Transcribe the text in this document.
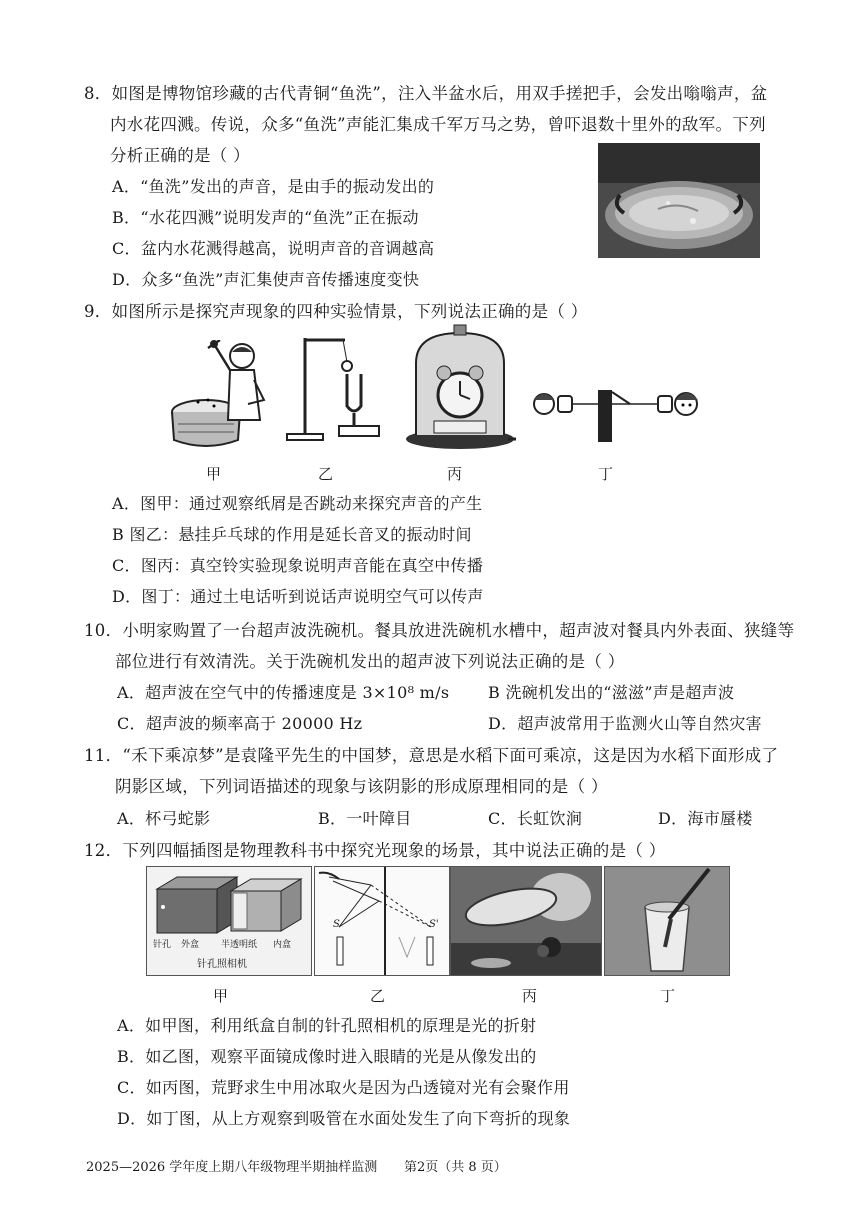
8．如图是博物馆珍藏的古代青铜“鱼洗”，注入半盆水后，用双手搓把手，会发出嗡嗡声，盆
内水花四溅。传说，众多“鱼洗”声能汇集成千军万马之势，曾吓退数十里外的敌军。下列
分析正确的是（ ）
A．“鱼洗”发出的声音，是由手的振动发出的
B．“水花四溅”说明发声的“鱼洗”正在振动
C．盆内水花溅得越高，说明声音的音调越高
D．众多“鱼洗”声汇集使声音传播速度变快
9．如图所示是探究声现象的四种实验情景，下列说法正确的是（ ）
甲	乙	丙	丁
A．图甲：通过观察纸屑是否跳动来探究声音的产生
B 图乙：悬挂乒乓球的作用是延长音叉的振动时间
C．图丙：真空铃实验现象说明声音能在真空中传播
D．图丁：通过土电话听到说话声说明空气可以传声
10．小明家购置了一台超声波洗碗机。餐具放进洗碗机水槽中，超声波对餐具内外表面、狭缝等
部位进行有效清洗。关于洗碗机发出的超声波下列说法正确的是（ ）
A．超声波在空气中的传播速度是 3×10⁸ m/s B 洗碗机发出的“滋滋”声是超声波
C．超声波的频率高于 20000 Hz	D．超声波常用于监测火山等自然灾害
11．“禾下乘凉梦”是袁隆平先生的中国梦，意思是水稻下面可乘凉，这是因为水稻下面形成了
阴影区域，下列词语描述的现象与该阴影的形成原理相同的是（ ）
A．杯弓蛇影	B．一叶障目	C．长虹饮涧	D．海市蜃楼
12．下列四幅插图是物理教科书中探究光现象的场景，其中说法正确的是（ ）
针孔 外盒 半透明纸 内盒
针孔照相机
S	S'
甲	乙	丙	丁
A．如甲图，利用纸盒自制的针孔照相机的原理是光的折射
B．如乙图，观察平面镜成像时进入眼睛的光是从像发出的
C．如丙图，荒野求生中用冰取火是因为凸透镜对光有会聚作用
D．如丁图，从上方观察到吸管在水面处发生了向下弯折的现象
2025—2026 学年度上期八年级物理半期抽样监测 第2页（共 8 页）
